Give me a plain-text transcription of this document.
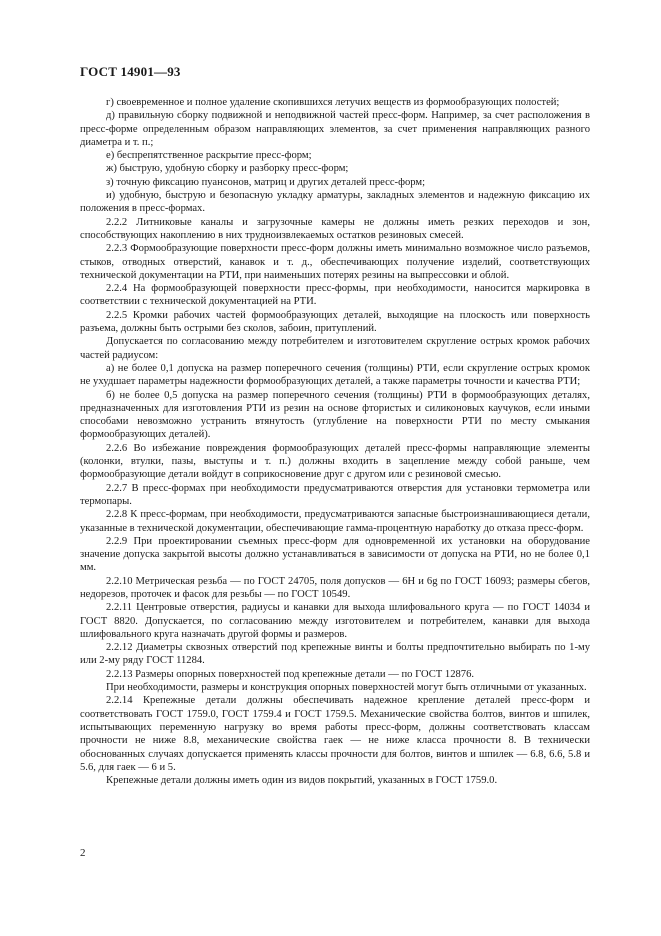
ГОСТ 14901—93

г) своевременное и полное удаление скопившихся летучих веществ из формообразующих полостей;

д) правильную сборку подвижной и неподвижной частей пресс-форм. Например, за счет расположения в пресс-форме определенным образом направляющих элементов, за счет применения направляющих разного диаметра и т. п.;

е) беспрепятственное раскрытие пресс-форм;

ж) быструю, удобную сборку и разборку пресс-форм;

з) точную фиксацию пуансонов, матриц и других деталей пресс-форм;

и) удобную, быструю и безопасную укладку арматуры, закладных элементов и надежную фиксацию их положения в пресс-формах.

2.2.2 Литниковые каналы и загрузочные камеры не должны иметь резких переходов и зон, способствующих накоплению в них трудноизвлекаемых остатков резиновых смесей.

2.2.3 Формообразующие поверхности пресс-форм должны иметь минимально возможное число разъемов, стыков, отводных отверстий, канавок и т. д., обеспечивающих получение изделий, соответствующих технической документации на РТИ, при наименьших потерях резины на выпрессовки и облой.

2.2.4 На формообразующей поверхности пресс-формы, при необходимости, наносится маркировка в соответствии с технической документацией на РТИ.

2.2.5 Кромки рабочих частей формообразующих деталей, выходящие на плоскость или поверхность разъема, должны быть острыми без сколов, забоин, притуплений.

Допускается по согласованию между потребителем и изготовителем скругление острых кромок рабочих частей радиусом:

а) не более 0,1 допуска на размер поперечного сечения (толщины) РТИ, если скругление острых кромок не ухудшает параметры надежности формообразующих деталей, а также параметры точности и качества РТИ;

б) не более 0,5 допуска на размер поперечного сечения (толщины) РТИ в формообразующих деталях, предназначенных для изготовления РТИ из резин на основе фтористых и силиконовых каучуков, если иными способами невозможно устранить втянутость (углубление на поверхности РТИ по месту смыкания формообразующих деталей).

2.2.6 Во избежание повреждения формообразующих деталей пресс-формы направляющие элементы (колонки, втулки, пазы, выступы и т. п.) должны входить в зацепление между собой раньше, чем формообразующие детали войдут в соприкосновение друг с другом или с резиновой смесью.

2.2.7 В пресс-формах при необходимости предусматриваются отверстия для установки термометра или термопары.

2.2.8 К пресс-формам, при необходимости, предусматриваются запасные быстроизнашивающиеся детали, указанные в технической документации, обеспечивающие гамма-процентную наработку до отказа пресс-форм.

2.2.9 При проектировании съемных пресс-форм для одновременной их установки на оборудование значение допуска закрытой высоты должно устанавливаться в зависимости от допуска на РТИ, но не более 0,1 мм.

2.2.10 Метрическая резьба — по ГОСТ 24705, поля допусков — 6H и 6g по ГОСТ 16093; размеры сбегов, недорезов, проточек и фасок для резьбы — по ГОСТ 10549.

2.2.11 Центровые отверстия, радиусы и канавки для выхода шлифовального круга — по ГОСТ 14034 и ГОСТ 8820. Допускается, по согласованию между изготовителем и потребителем, канавки для выхода шлифовального круга назначать другой формы и размеров.

2.2.12 Диаметры сквозных отверстий под крепежные винты и болты предпочтительно выбирать по 1-му или 2-му ряду ГОСТ 11284.

2.2.13 Размеры опорных поверхностей под крепежные детали — по ГОСТ 12876.

При необходимости, размеры и конструкция опорных поверхностей могут быть отличными от указанных.

2.2.14 Крепежные детали должны обеспечивать надежное крепление деталей пресс-форм и соответствовать ГОСТ 1759.0, ГОСТ 1759.4 и ГОСТ 1759.5. Механические свойства болтов, винтов и шпилек, испытывающих переменную нагрузку во время работы пресс-форм, должны соответствовать классам прочности не ниже 8.8, механические свойства гаек — не ниже класса прочности 8. В технически обоснованных случаях допускается применять классы прочности для болтов, винтов и шпилек — 6.8, 6.6, 5.8 и 5.6, для гаек — 6 и 5.

Крепежные детали должны иметь один из видов покрытий, указанных в ГОСТ 1759.0.

2
